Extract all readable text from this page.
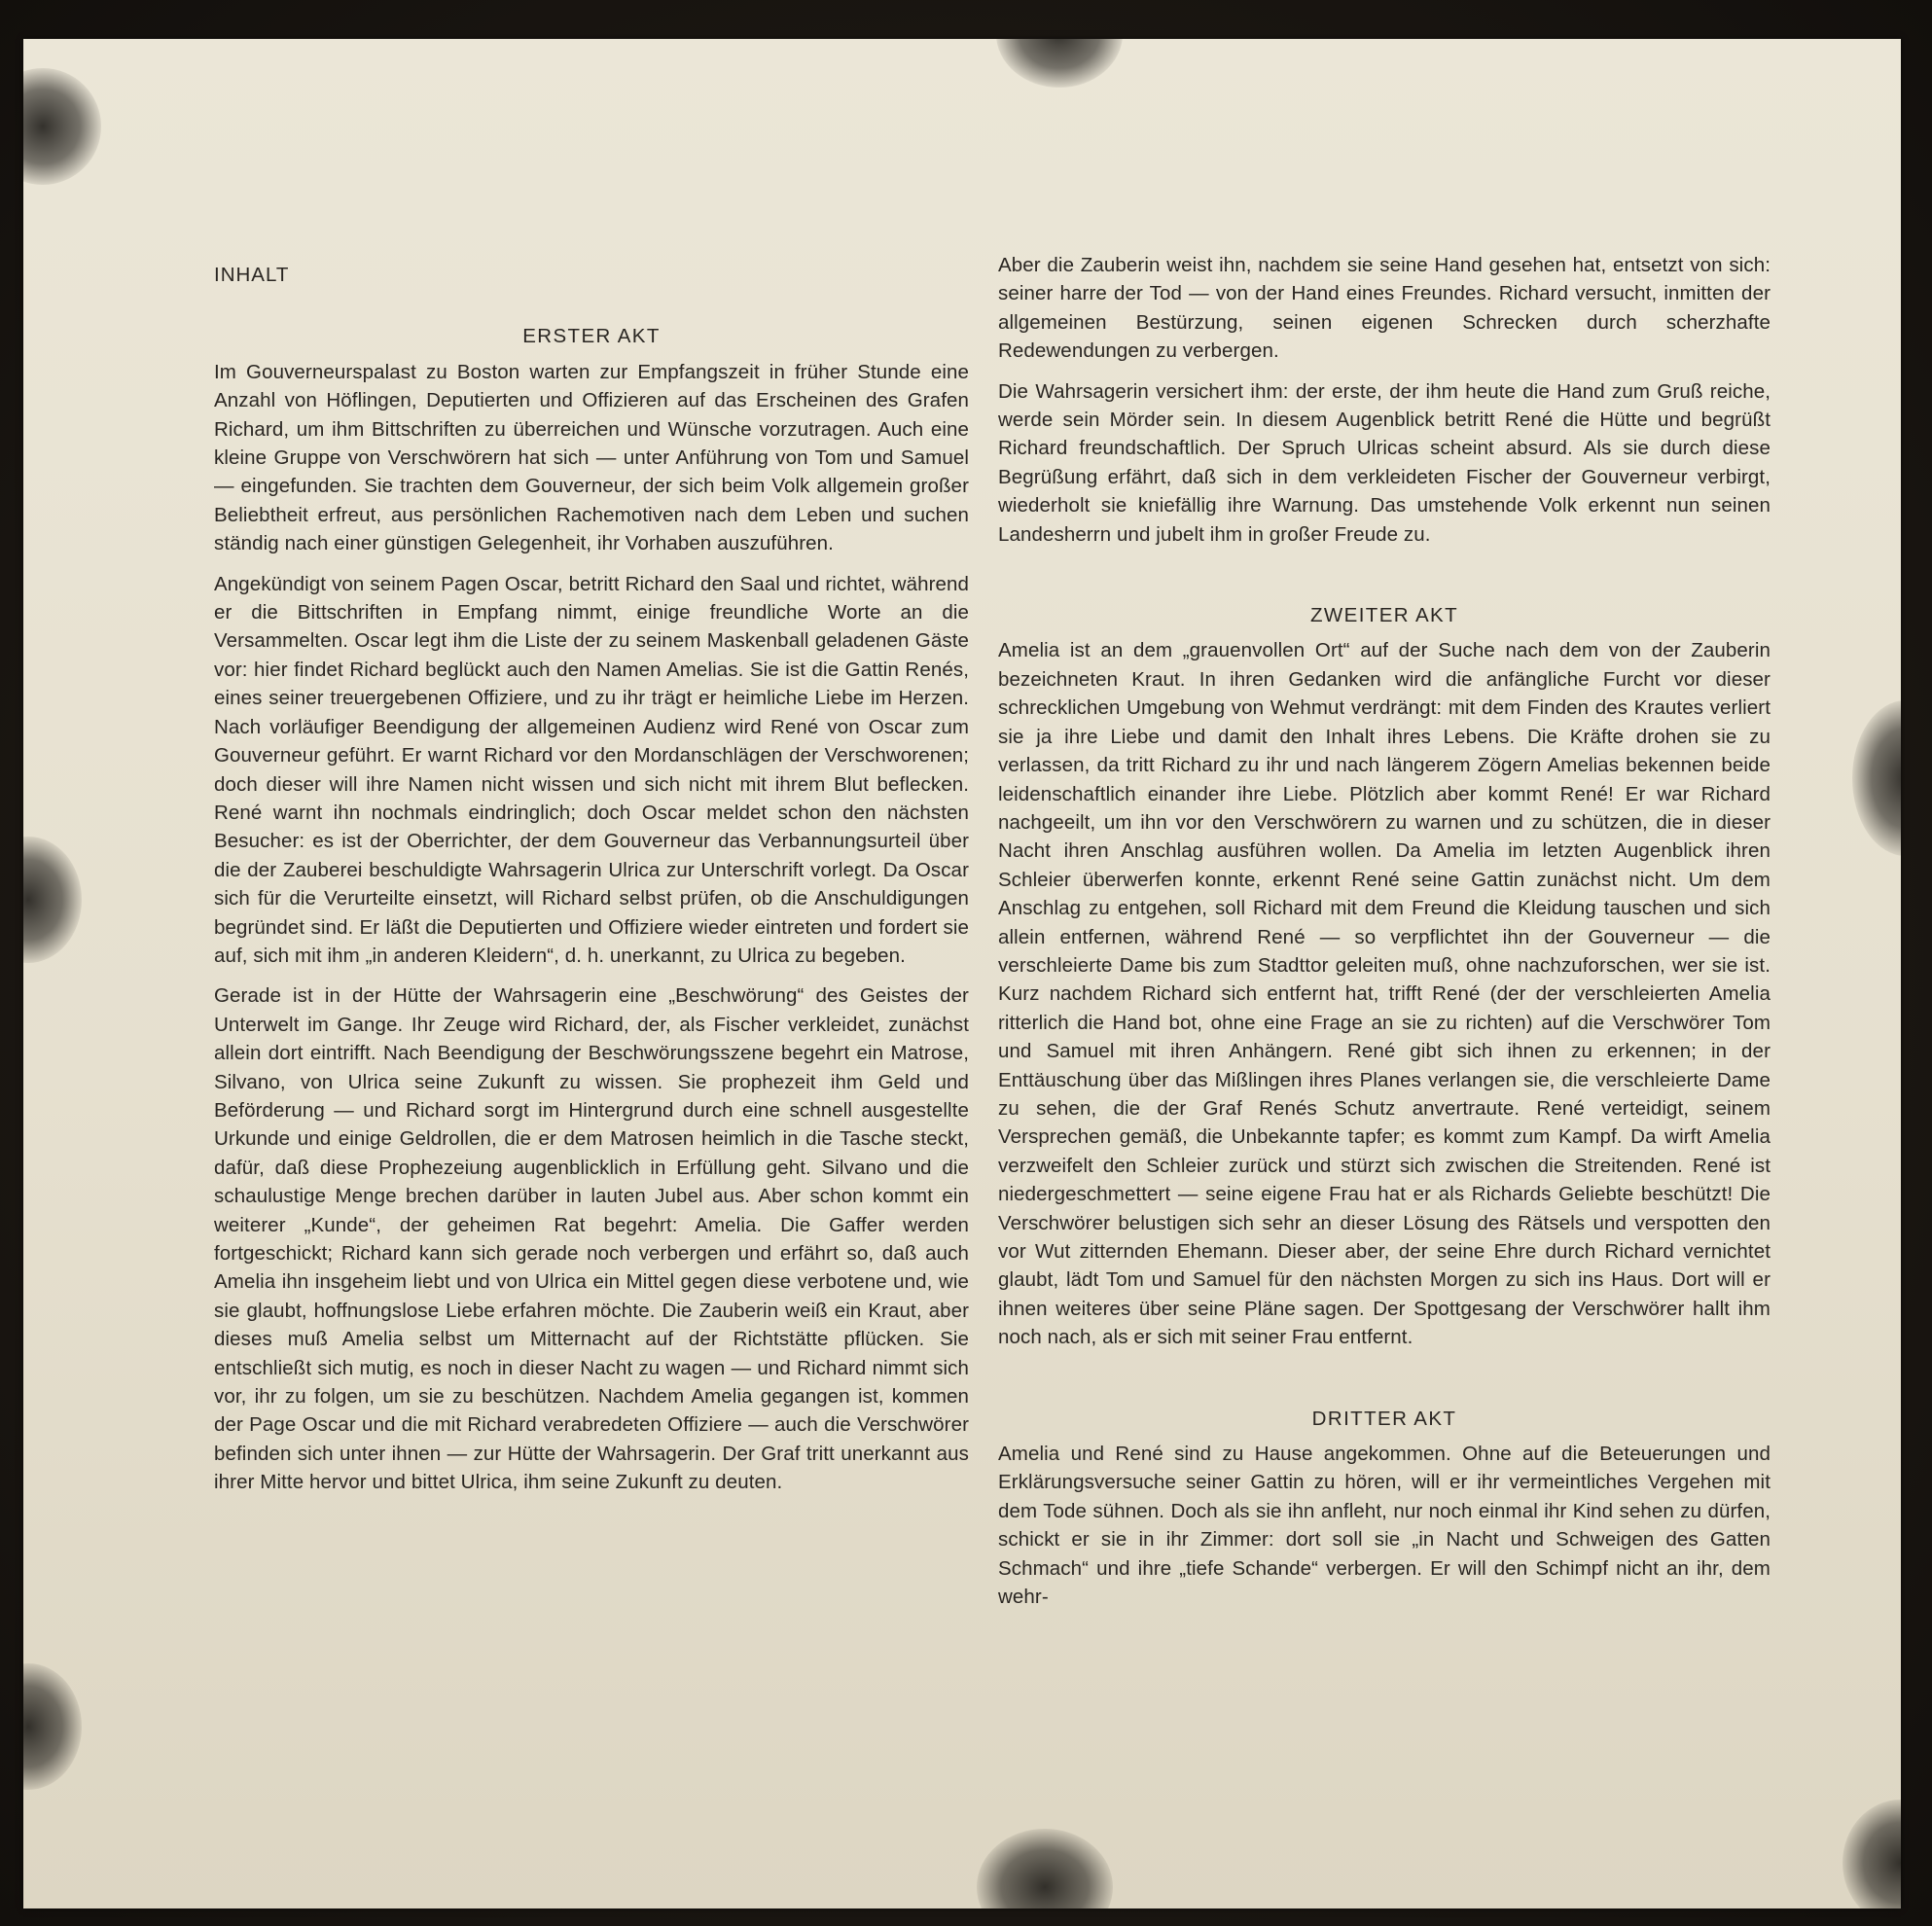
INHALT
ERSTER AKT

Im Gouverneurspalast zu Boston warten zur Empfangszeit in früher Stunde eine Anzahl von Höflingen, Deputierten und Offizieren auf das Erscheinen des Grafen Richard, um ihm Bittschriften zu überreichen und Wünsche vorzutragen. Auch eine kleine Gruppe von Verschwörern hat sich — unter Anführung von Tom und Samuel — eingefunden. Sie trachten dem Gouverneur, der sich beim Volk allgemein großer Beliebtheit erfreut, aus persönlichen Rachemotiven nach dem Leben und suchen ständig nach einer günstigen Gelegenheit, ihr Vorhaben auszuführen.

Angekündigt von seinem Pagen Oscar, betritt Richard den Saal und richtet, während er die Bittschriften in Empfang nimmt, einige freundliche Worte an die Versammelten. Oscar legt ihm die Liste der zu seinem Maskenball geladenen Gäste vor: hier findet Richard beglückt auch den Namen Amelias. Sie ist die Gattin Renés, eines seiner treuergebenen Offiziere, und zu ihr trägt er heimliche Liebe im Herzen. Nach vorläufiger Beendigung der allgemeinen Audienz wird René von Oscar zum Gouverneur geführt. Er warnt Richard vor den Mordanschlägen der Verschworenen; doch dieser will ihre Namen nicht wissen und sich nicht mit ihrem Blut beflecken. René warnt ihn nochmals eindringlich; doch Oscar meldet schon den nächsten Besucher: es ist der Oberrichter, der dem Gouverneur das Verbannungsurteil über die der Zauberei beschuldigte Wahrsagerin Ulrica zur Unterschrift vorlegt. Da Oscar sich für die Verurteilte einsetzt, will Richard selbst prüfen, ob die Anschuldigungen begründet sind. Er läßt die Deputierten und Offiziere wieder eintreten und fordert sie auf, sich mit ihm „in anderen Kleidern“, d. h. unerkannt, zu Ulrica zu begeben.

Gerade ist in der Hütte der Wahrsagerin eine „Beschwörung“ des Geistes der Unterwelt im Gange. Ihr Zeuge wird Richard, der, als Fischer verkleidet, zunächst allein dort eintrifft. Nach Beendigung der Beschwörungsszene begehrt ein Matrose, Silvano, von Ulrica seine Zukunft zu wissen. Sie prophezeit ihm Geld und Beförderung — und Richard sorgt im Hintergrund durch eine schnell ausgestellte Urkunde und einige Geldrollen, die er dem Matrosen heimlich in die Tasche steckt, dafür, daß diese Prophezeiung augenblicklich in Erfüllung geht. Silvano und die schaulustige Menge brechen darüber in lauten Jubel aus. Aber schon kommt ein weiterer „Kunde“, der geheimen Rat begehrt: Amelia. Die Gaffer werden fortgeschickt; Richard kann sich gerade noch verbergen und erfährt so, daß auch Amelia ihn insgeheim liebt und von Ulrica ein Mittel gegen diese verbotene und, wie sie glaubt, hoffnungslose Liebe erfahren möchte. Die Zauberin weiß ein Kraut, aber dieses muß Amelia selbst um Mitternacht auf der Richtstätte pflücken. Sie entschließt sich mutig, es noch in dieser Nacht zu wagen — und Richard nimmt sich vor, ihr zu folgen, um sie zu beschützen. Nachdem Amelia gegangen ist, kommen der Page Oscar und die mit Richard verabredeten Offiziere — auch die Verschwörer befinden sich unter ihnen — zur Hütte der Wahrsagerin. Der Graf tritt unerkannt aus ihrer Mitte hervor und bittet Ulrica, ihm seine Zukunft zu deuten.

Aber die Zauberin weist ihn, nachdem sie seine Hand gesehen hat, entsetzt von sich: seiner harre der Tod — von der Hand eines Freundes. Richard versucht, inmitten der allgemeinen Bestürzung, seinen eigenen Schrecken durch scherzhafte Redewendungen zu verbergen.

Die Wahrsagerin versichert ihm: der erste, der ihm heute die Hand zum Gruß reiche, werde sein Mörder sein. In diesem Augenblick betritt René die Hütte und begrüßt Richard freundschaftlich. Der Spruch Ulricas scheint absurd. Als sie durch diese Begrüßung erfährt, daß sich in dem verkleideten Fischer der Gouverneur verbirgt, wiederholt sie kniefällig ihre Warnung. Das umstehende Volk erkennt nun seinen Landesherrn und jubelt ihm in großer Freude zu.

ZWEITER AKT

Amelia ist an dem „grauenvollen Ort“ auf der Suche nach dem von der Zauberin bezeichneten Kraut. In ihren Gedanken wird die anfängliche Furcht vor dieser schrecklichen Umgebung von Wehmut verdrängt: mit dem Finden des Krautes verliert sie ja ihre Liebe und damit den Inhalt ihres Lebens. Die Kräfte drohen sie zu verlassen, da tritt Richard zu ihr und nach längerem Zögern Amelias bekennen beide leidenschaftlich einander ihre Liebe. Plötzlich aber kommt René! Er war Richard nachgeeilt, um ihn vor den Verschwörern zu warnen und zu schützen, die in dieser Nacht ihren Anschlag ausführen wollen. Da Amelia im letzten Augenblick ihren Schleier überwerfen konnte, erkennt René seine Gattin zunächst nicht. Um dem Anschlag zu entgehen, soll Richard mit dem Freund die Kleidung tauschen und sich allein entfernen, während René — so verpflichtet ihn der Gouverneur — die verschleierte Dame bis zum Stadttor geleiten muß, ohne nachzuforschen, wer sie ist. Kurz nachdem Richard sich entfernt hat, trifft René (der der verschleierten Amelia ritterlich die Hand bot, ohne eine Frage an sie zu richten) auf die Verschwörer Tom und Samuel mit ihren Anhängern. René gibt sich ihnen zu erkennen; in der Enttäuschung über das Mißlingen ihres Planes verlangen sie, die verschleierte Dame zu sehen, die der Graf Renés Schutz anvertraute. René verteidigt, seinem Versprechen gemäß, die Unbekannte tapfer; es kommt zum Kampf. Da wirft Amelia verzweifelt den Schleier zurück und stürzt sich zwischen die Streitenden. René ist niedergeschmettert — seine eigene Frau hat er als Richards Geliebte beschützt! Die Verschwörer belustigen sich sehr an dieser Lösung des Rätsels und verspotten den vor Wut zitternden Ehemann. Dieser aber, der seine Ehre durch Richard vernichtet glaubt, lädt Tom und Samuel für den nächsten Morgen zu sich ins Haus. Dort will er ihnen weiteres über seine Pläne sagen. Der Spottgesang der Verschwörer hallt ihm noch nach, als er sich mit seiner Frau entfernt.

DRITTER AKT

Amelia und René sind zu Hause angekommen. Ohne auf die Beteuerungen und Erklärungsversuche seiner Gattin zu hören, will er ihr vermeintliches Vergehen mit dem Tode sühnen. Doch als sie ihn anfleht, nur noch einmal ihr Kind sehen zu dürfen, schickt er sie in ihr Zimmer: dort soll sie „in Nacht und Schweigen des Gatten Schmach“ und ihre „tiefe Schande“ verbergen. Er will den Schimpf nicht an ihr, dem wehr-
